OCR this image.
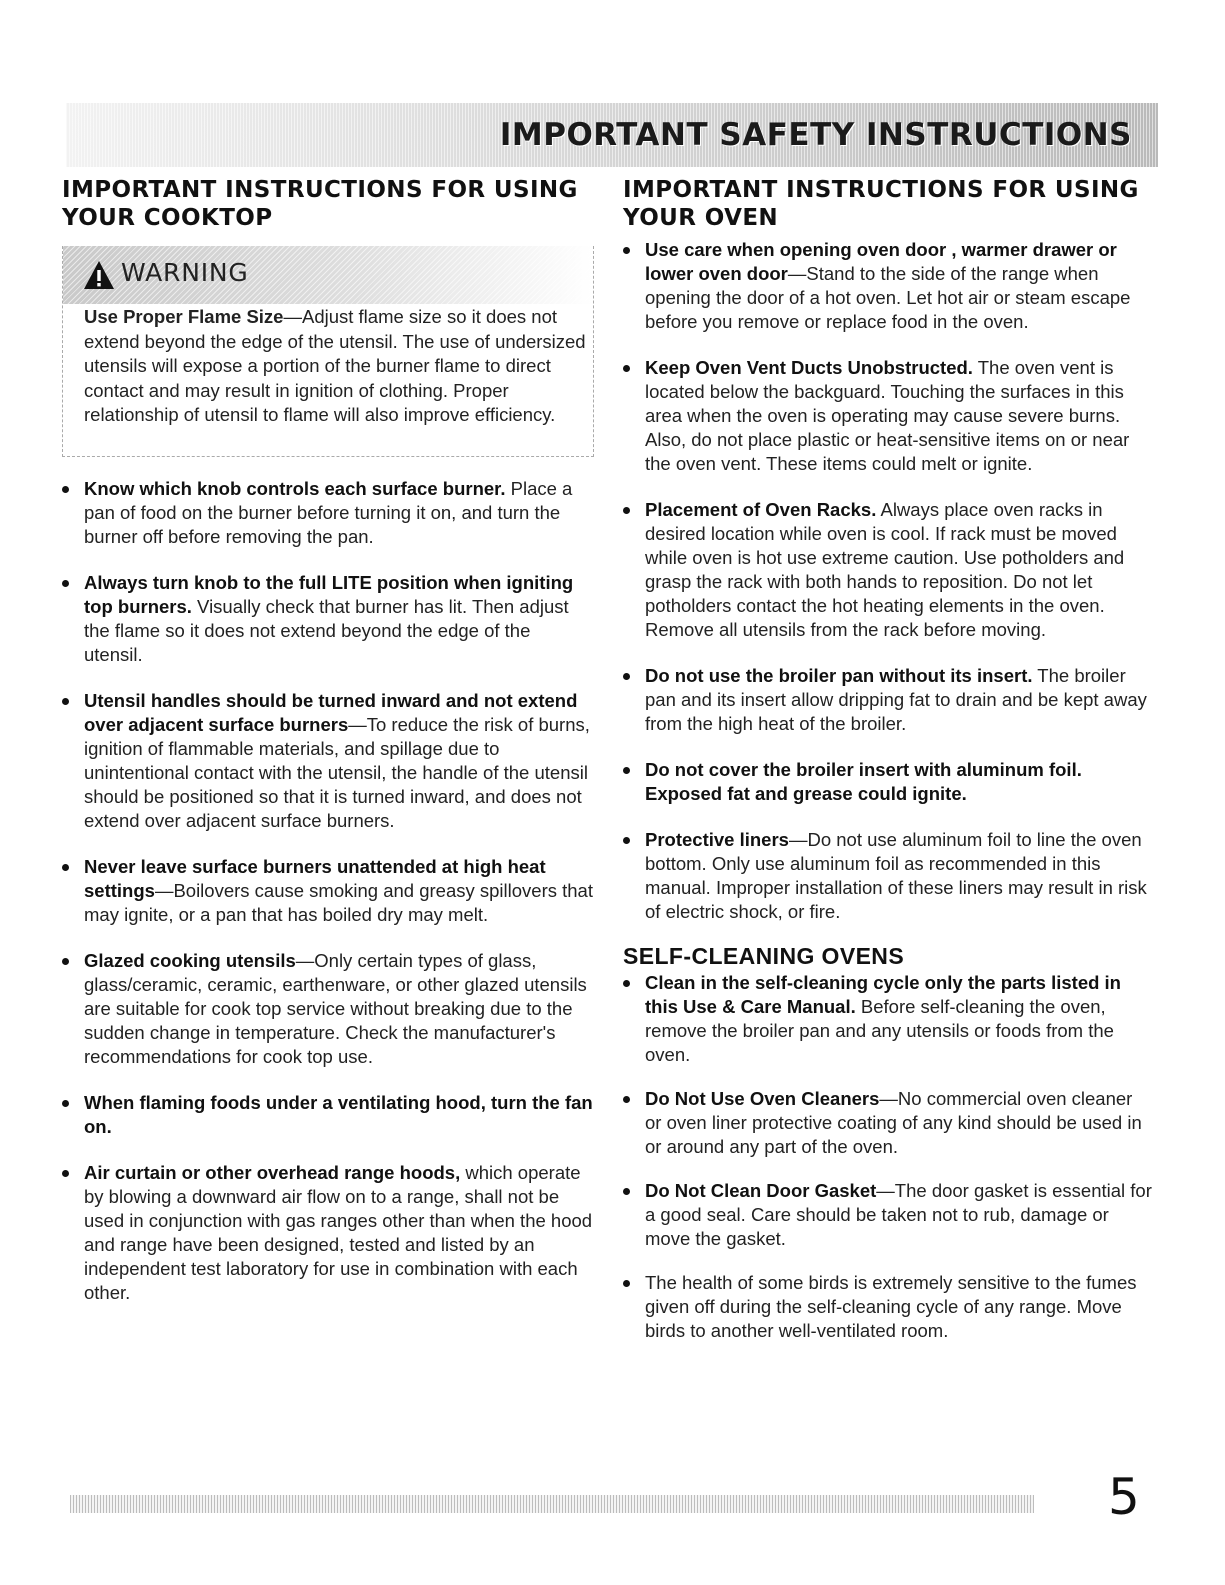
IMPORTANT SAFETY INSTRUCTIONS
IMPORTANT INSTRUCTIONS FOR USING YOUR COOKTOP
WARNING
Use Proper Flame Size—Adjust flame size so it does not extend beyond the edge of the utensil. The use of undersized utensils will expose a portion of the burner flame to direct contact and may result in ignition of clothing. Proper relationship of utensil to flame will also improve efficiency.
Know which knob controls each surface burner. Place a pan of food on the burner before turning it on, and turn the burner off before removing the pan.
Always turn knob to the full LITE position when igniting top burners. Visually check that burner has lit. Then adjust the flame so it does not extend beyond the edge of the utensil.
Utensil handles should be turned inward and not extend over adjacent surface burners—To reduce the risk of burns, ignition of flammable materials, and spillage due to unintentional contact with the utensil, the handle of the utensil should be positioned so that it is turned inward, and does not extend over adjacent surface burners.
Never leave surface burners unattended at high heat settings—Boilovers cause smoking and greasy spillovers that may ignite, or a pan that has boiled dry may melt.
Glazed cooking utensils—Only certain types of glass, glass/ceramic, ceramic, earthenware, or other glazed utensils are suitable for cook top service without breaking due to the sudden change in temperature. Check the manufacturer's recommendations for cook top use.
When flaming foods under a ventilating hood, turn the fan on.
Air curtain or other overhead range hoods, which operate by blowing a downward air flow on to a range, shall not be used in conjunction with gas ranges other than when the hood and range have been designed, tested and listed by an independent test laboratory for use in combination with each other.
IMPORTANT INSTRUCTIONS FOR USING YOUR OVEN
Use care when opening oven door , warmer drawer or lower oven door—Stand to the side of the range when opening the door of a hot oven. Let hot air or steam escape before you remove or replace food in the oven.
Keep Oven Vent Ducts Unobstructed. The oven vent is located below the backguard. Touching the surfaces in this area when the oven is operating may cause severe burns. Also, do not place plastic or heat-sensitive items on or near the oven vent. These items could melt or ignite.
Placement of Oven Racks. Always place oven racks in desired location while oven is cool. If rack must be moved while oven is hot use extreme caution. Use potholders and grasp the rack with both hands to reposition. Do not let potholders contact the hot heating elements in the oven. Remove all utensils from the rack before moving.
Do not use the broiler pan without its insert. The broiler pan and its insert allow dripping fat to drain and be kept away from the high heat of the broiler.
Do not cover the broiler insert with aluminum foil. Exposed fat and grease could ignite.
Protective liners—Do not use aluminum foil to line the oven bottom. Only use aluminum foil as recommended in this manual. Improper installation of these liners may result in risk of electric shock, or fire.
SELF-CLEANING OVENS
Clean in the self-cleaning cycle only the parts listed in this Use & Care Manual. Before self-cleaning the oven, remove the broiler pan and any utensils or foods from the oven.
Do Not Use Oven Cleaners—No commercial oven cleaner or oven liner protective coating of any kind should be used in or around any part of the oven.
Do Not Clean Door Gasket—The door gasket is essential for a good seal. Care should be taken not to rub, damage or move the gasket.
The health of some birds is extremely sensitive to the fumes given off during the self-cleaning cycle of any range. Move birds to another well-ventilated room.
5
